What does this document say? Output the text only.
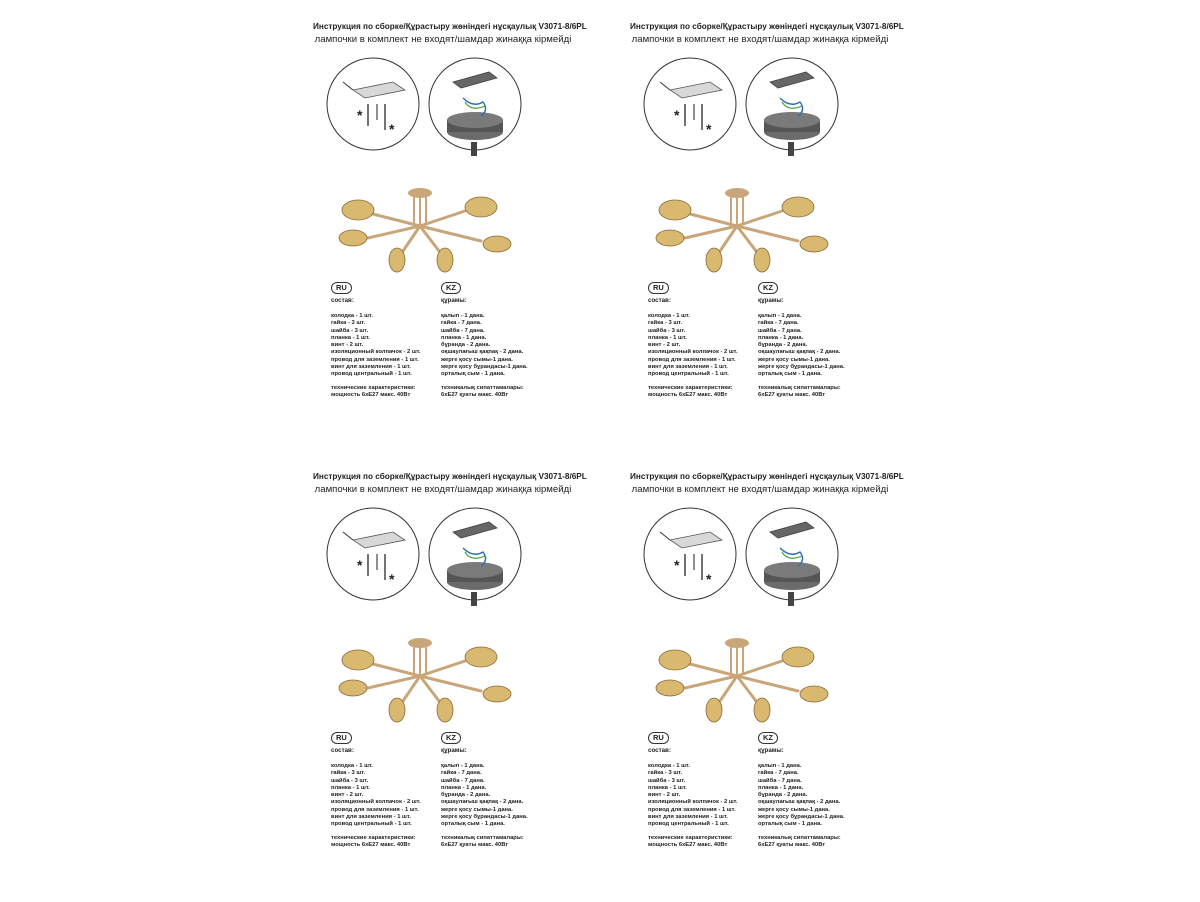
Инструкция по сборке/Құрастыру жөніндегі нұсқаулық V3071-8/6PL
лампочки в комплект не входят/шамдар жинаққа кірмейді
*
*
RU
состав:
колодка - 1 шт.
гайка - 3 шт.
шайба - 3 шт.
планка - 1 шт.
винт - 2 шт.
изоляционный колпачок - 2 шт.
провод для заземления - 1 шт.
винт для заземления - 1 шт.
провод центральный - 1 шт.
технические характеристики:
мощность 6хE27 макс. 40Вт
KZ
құрамы:
қалып - 1 дана.
гайка - 7 дана.
шайба - 7 дана.
планка - 1 дана.
бұранда - 2 дана.
оқшаулағыш қақпақ - 2 дана.
жерге қосу сымы-1 дана.
жерге қосу бұрандасы-1 дана.
орталық сым - 1 дана.
техникалық сипаттамалары:
6хE27 қуаты макс. 40Вт
Инструкция по сборке/Құрастыру жөніндегі нұсқаулық V3071-8/6PL
лампочки в комплект не входят/шамдар жинаққа кірмейді
*
*
RU
состав:
колодка - 1 шт.
гайка - 3 шт.
шайба - 3 шт.
планка - 1 шт.
винт - 2 шт.
изоляционный колпачок - 2 шт.
провод для заземления - 1 шт.
винт для заземления - 1 шт.
провод центральный - 1 шт.
технические характеристики:
мощность 6хE27 макс. 40Вт
KZ
құрамы:
қалып - 1 дана.
гайка - 7 дана.
шайба - 7 дана.
планка - 1 дана.
бұранда - 2 дана.
оқшаулағыш қақпақ - 2 дана.
жерге қосу сымы-1 дана.
жерге қосу бұрандасы-1 дана.
орталық сым - 1 дана.
техникалық сипаттамалары:
6хE27 қуаты макс. 40Вт
Инструкция по сборке/Құрастыру жөніндегі нұсқаулық V3071-8/6PL
лампочки в комплект не входят/шамдар жинаққа кірмейді
*
*
RU
состав:
колодка - 1 шт.
гайка - 3 шт.
шайба - 3 шт.
планка - 1 шт.
винт - 2 шт.
изоляционный колпачок - 2 шт.
провод для заземления - 1 шт.
винт для заземления - 1 шт.
провод центральный - 1 шт.
технические характеристики:
мощность 6хE27 макс. 40Вт
KZ
құрамы:
қалып - 1 дана.
гайка - 7 дана.
шайба - 7 дана.
планка - 1 дана.
бұранда - 2 дана.
оқшаулағыш қақпақ - 2 дана.
жерге қосу сымы-1 дана.
жерге қосу бұрандасы-1 дана.
орталық сым - 1 дана.
техникалық сипаттамалары:
6хE27 қуаты макс. 40Вт
Инструкция по сборке/Құрастыру жөніндегі нұсқаулық V3071-8/6PL
лампочки в комплект не входят/шамдар жинаққа кірмейді
*
*
RU
состав:
колодка - 1 шт.
гайка - 3 шт.
шайба - 3 шт.
планка - 1 шт.
винт - 2 шт.
изоляционный колпачок - 2 шт.
провод для заземления - 1 шт.
винт для заземления - 1 шт.
провод центральный - 1 шт.
технические характеристики:
мощность 6хE27 макс. 40Вт
KZ
құрамы:
қалып - 1 дана.
гайка - 7 дана.
шайба - 7 дана.
планка - 1 дана.
бұранда - 2 дана.
оқшаулағыш қақпақ - 2 дана.
жерге қосу сымы-1 дана.
жерге қосу бұрандасы-1 дана.
орталық сым - 1 дана.
техникалық сипаттамалары:
6хE27 қуаты макс. 40Вт
